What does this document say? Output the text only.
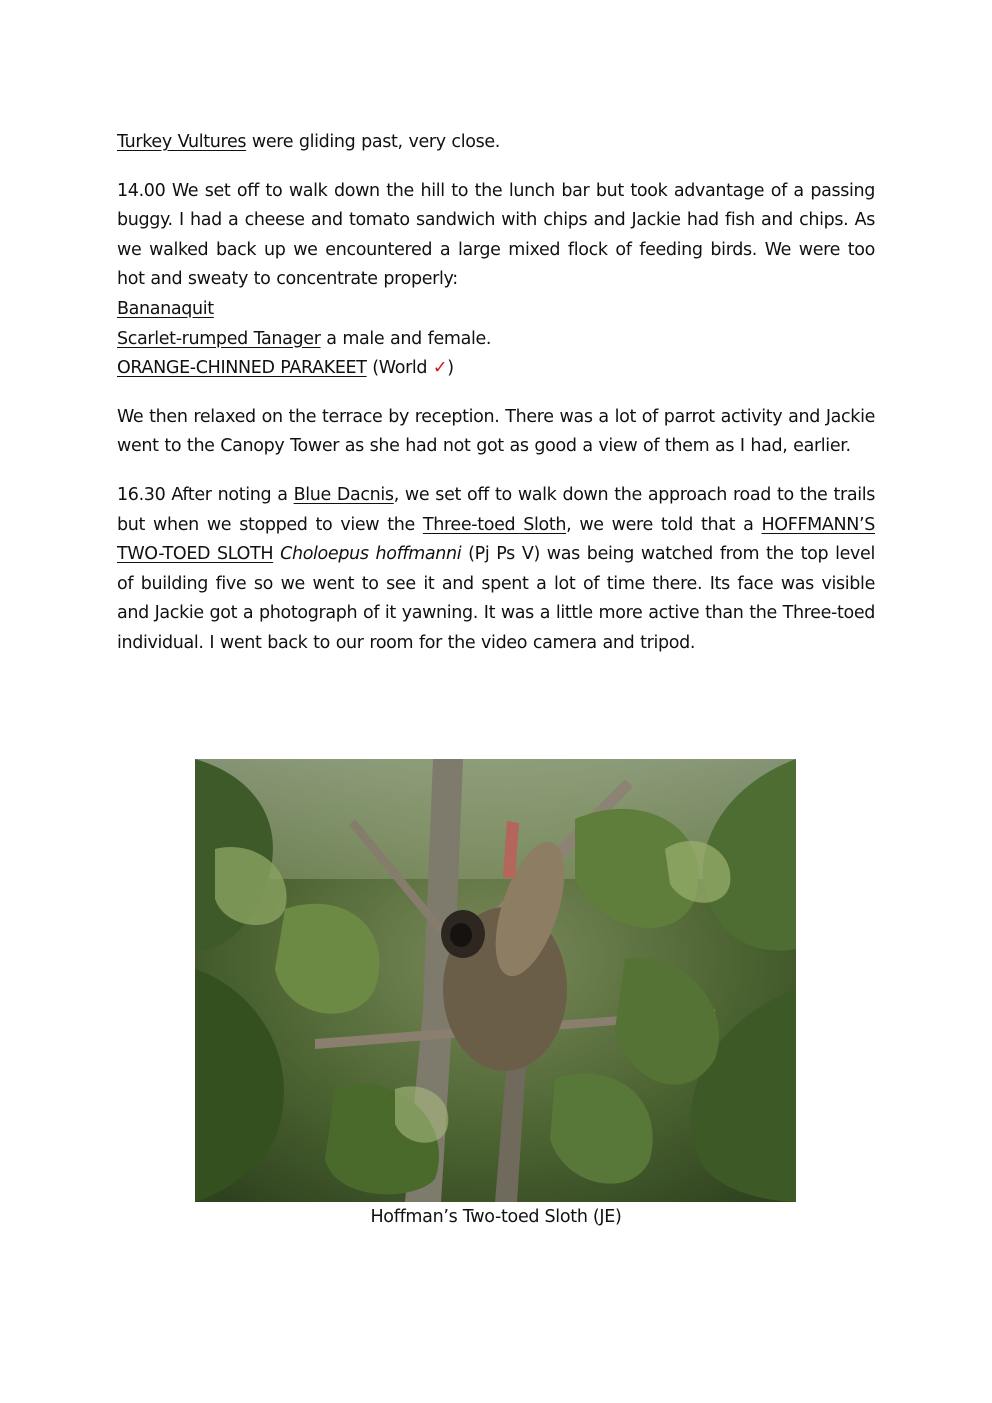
Turkey Vultures were gliding past, very close.

14.00 We set off to walk down the hill to the lunch bar but took advantage of a passing buggy. I had a cheese and tomato sandwich with chips and Jackie had fish and chips. As we walked back up we encountered a large mixed flock of feeding birds. We were too hot and sweaty to concentrate properly:
Bananaquit
Scarlet-rumped Tanager a male and female.
ORANGE-CHINNED PARAKEET (World ✓)

We then relaxed on the terrace by reception. There was a lot of parrot activity and Jackie went to the Canopy Tower as she had not got as good a view of them as I had, earlier.

16.30 After noting a Blue Dacnis, we set off to walk down the approach road to the trails but when we stopped to view the Three-toed Sloth, we were told that a HOFFMANN’S TWO-TOED SLOTH Choloepus hoffmanni (Pj Ps V) was being watched from the top level of building five so we went to see it and spent a lot of time there. Its face was visible and Jackie got a photograph of it yawning. It was a little more active than the Three-toed individual. I went back to our room for the video camera and tripod.

Hoffman’s Two-toed Sloth (JE)
